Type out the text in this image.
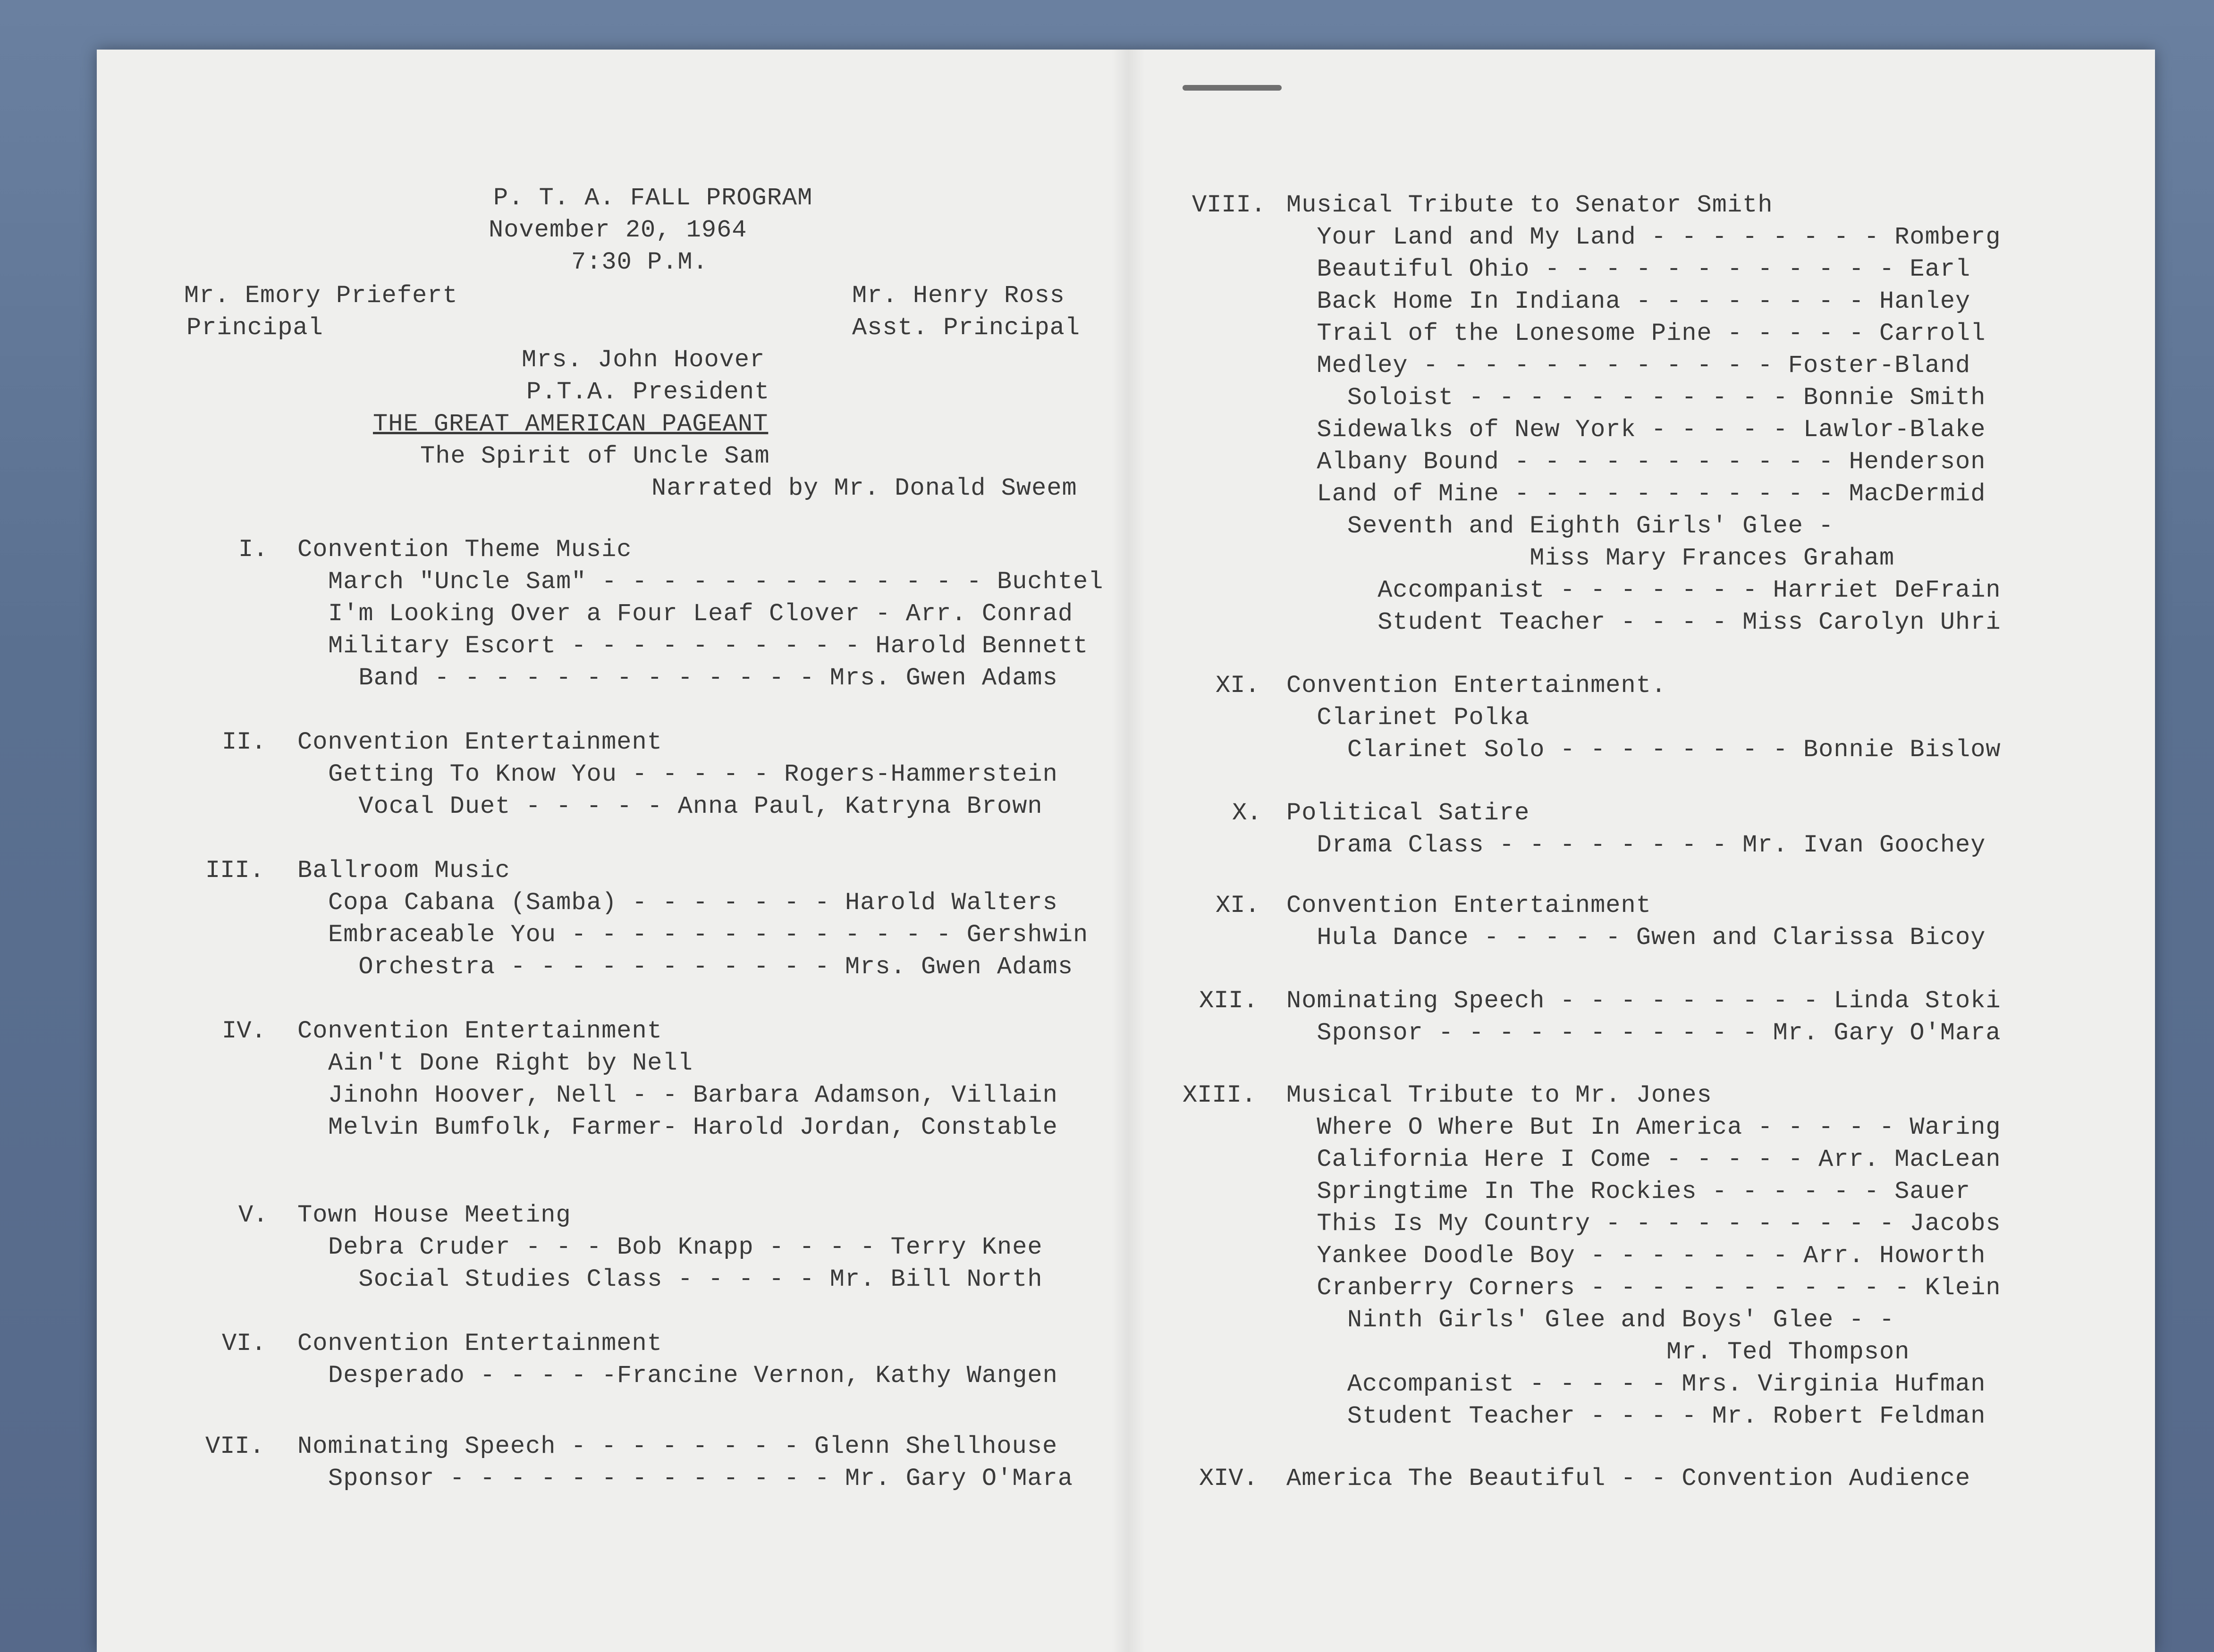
P. T. A. FALL PROGRAM

November 20, 1964

7:30 P.M.

Mr. Emory Priefert

Principal

Mr. Henry Ross

Asst. Principal

Mrs. John Hoover

P.T.A. President

THE GREAT AMERICAN PAGEANT

The Spirit of Uncle Sam

Narrated by Mr. Donald Sweem

I. Convention Theme Music

March "Uncle Sam" - - - - - - - - - - - - - Buchtel

I'm Looking Over a Four Leaf Clover - Arr. Conrad

Military Escort - - - - - - - - - - Harold Bennett

Band - - - - - - - - - - - - - Mrs. Gwen Adams

II. Convention Entertainment

Getting To Know You - - - - - Rogers-Hammerstein

Vocal Duet - - - - - Anna Paul, Katryna Brown

III. Ballroom Music

Copa Cabana (Samba) - - - - - - - Harold Walters

Embraceable You - - - - - - - - - - - - - Gershwin

Orchestra - - - - - - - - - - - Mrs. Gwen Adams

IV. Convention Entertainment

Ain't Done Right by Nell

Jinohn Hoover, Nell - - Barbara Adamson, Villain

Melvin Bumfolk, Farmer- Harold Jordan, Constable

V. Town House Meeting

Debra Cruder - - - Bob Knapp - - - - Terry Knee

Social Studies Class - - - - - Mr. Bill North

VI. Convention Entertainment

Desperado - - - - -Francine Vernon, Kathy Wangen

VII. Nominating Speech - - - - - - - - Glenn Shellhouse

Sponsor - - - - - - - - - - - - - Mr. Gary O'Mara

VIII. Musical Tribute to Senator Smith

Your Land and My Land - - - - - - - - Romberg

Beautiful Ohio - - - - - - - - - - - - Earl

Back Home In Indiana - - - - - - - - Hanley

Trail of the Lonesome Pine - - - - - Carroll

Medley - - - - - - - - - - - - Foster-Bland

Soloist - - - - - - - - - - - Bonnie Smith

Sidewalks of New York - - - - - Lawlor-Blake

Albany Bound - - - - - - - - - - - Henderson

Land of Mine - - - - - - - - - - - MacDermid

Seventh and Eighth Girls' Glee -

Miss Mary Frances Graham

Accompanist - - - - - - - Harriet DeFrain

Student Teacher - - - - Miss Carolyn Uhri

XI. Convention Entertainment.

Clarinet Polka

Clarinet Solo - - - - - - - - Bonnie Bislow

X. Political Satire

Drama Class - - - - - - - - Mr. Ivan Goochey

XI. Convention Entertainment

Hula Dance - - - - - Gwen and Clarissa Bicoy

XII. Nominating Speech - - - - - - - - - Linda Stoki

Sponsor - - - - - - - - - - - Mr. Gary O'Mara

XIII. Musical Tribute to Mr. Jones

Where O Where But In America - - - - - Waring

California Here I Come - - - - - Arr. MacLean

Springtime In The Rockies - - - - - - Sauer

This Is My Country - - - - - - - - - - Jacobs

Yankee Doodle Boy - - - - - - - Arr. Howorth

Cranberry Corners - - - - - - - - - - - Klein

Ninth Girls' Glee and Boys' Glee - -

Mr. Ted Thompson

Accompanist - - - - - Mrs. Virginia Hufman

Student Teacher - - - - Mr. Robert Feldman

XIV. America The Beautiful - - Convention Audience
